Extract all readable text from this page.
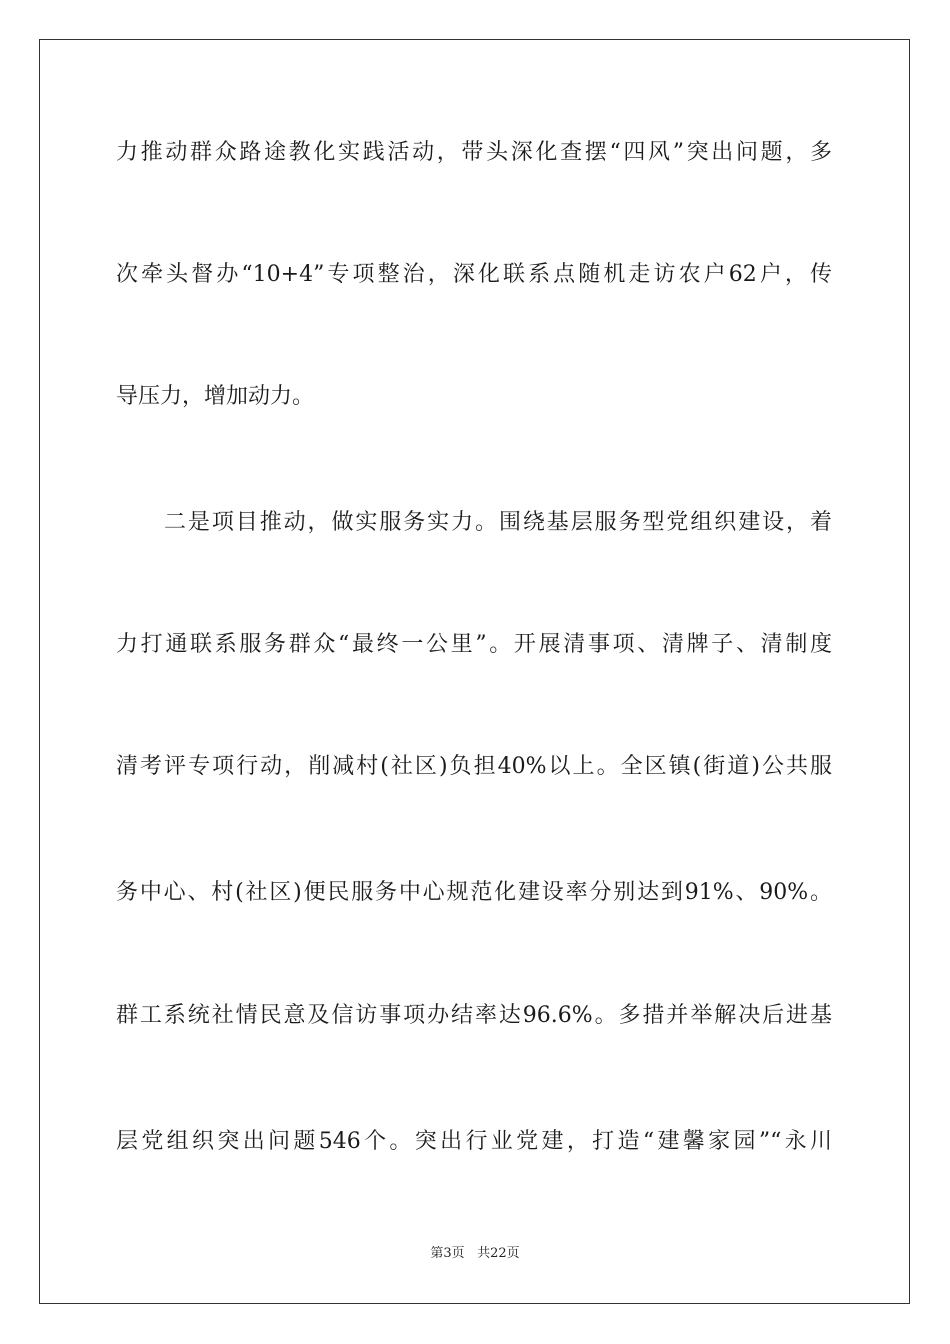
力推动群众路途教化实践活动，带头深化查摆“四风”突出问题，多
次牵头督办“10+4”专项整治，深化联系点随机走访农户62户，传
导压力，增加动力。
二是项目推动，做实服务实力。围绕基层服务型党组织建设，着
力打通联系服务群众“最终一公里”。开展清事项、清牌子、清制度
清考评专项行动，削减村(社区)负担40%以上。全区镇(街道)公共服
务中心、村(社区)便民服务中心规范化建设率分别达到91%、90%。
群工系统社情民意及信访事项办结率达96.6%。多措并举解决后进基
层党组织突出问题546个。突出行业党建，打造“建馨家园”“永川
第3页 共22页
